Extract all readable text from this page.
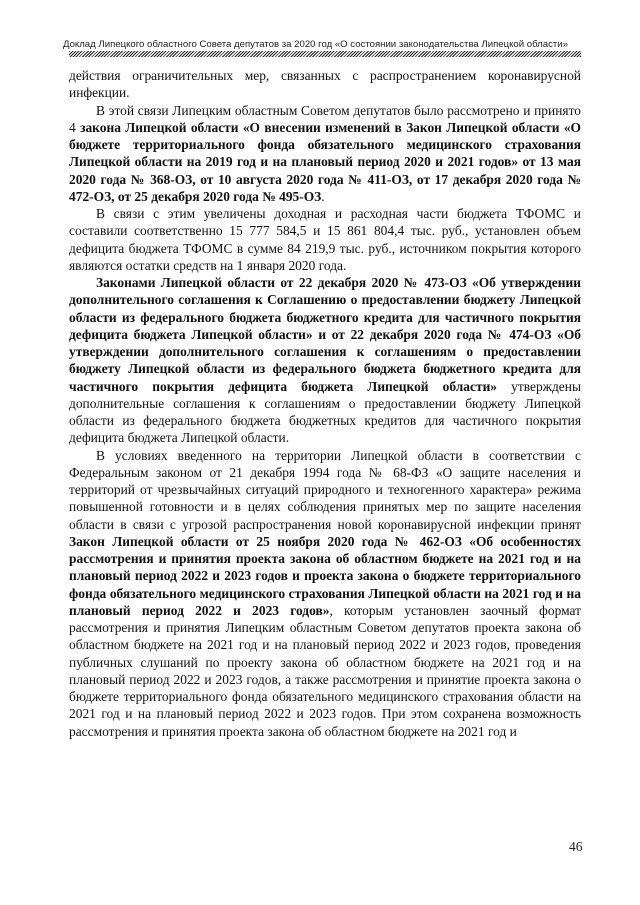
Доклад Липецкого областного Совета депутатов за 2020 год «О состоянии законодательства Липецкой области»

действия ограничительных мер, связанных с распространением коронавирусной инфекции.

В этой связи Липецким областным Советом депутатов было рассмотрено и принято 4 закона Липецкой области «О внесении изменений в Закон Липецкой области «О бюджете территориального фонда обязательного медицинского страхования Липецкой области на 2019 год и на плановый период 2020 и 2021 годов» от 13 мая 2020 года № 368-ОЗ, от 10 августа 2020 года № 411-ОЗ, от 17 декабря 2020 года № 472-ОЗ, от 25 декабря 2020 года № 495-ОЗ.

В связи с этим увеличены доходная и расходная части бюджета ТФОМС и составили соответственно 15 777 584,5 и 15 861 804,4 тыс. руб., установлен объем дефицита бюджета ТФОМС в сумме 84 219,9 тыс. руб., источником покрытия которого являются остатки средств на 1 января 2020 года.

Законами Липецкой области от 22 декабря 2020 № 473-ОЗ «Об утверждении дополнительного соглашения к Соглашению о предоставлении бюджету Липецкой области из федерального бюджета бюджетного кредита для частичного покрытия дефицита бюджета Липецкой области» и от 22 декабря 2020 года № 474-ОЗ «Об утверждении дополнительного соглашения к соглашениям о предоставлении бюджету Липецкой области из федерального бюджета бюджетного кредита для частичного покрытия дефицита бюджета Липецкой области» утверждены дополнительные соглашения к соглашениям о предоставлении бюджету Липецкой области из федерального бюджета бюджетных кредитов для частичного покрытия дефицита бюджета Липецкой области.

В условиях введенного на территории Липецкой области в соответствии с Федеральным законом от 21 декабря 1994 года № 68-ФЗ «О защите населения и территорий от чрезвычайных ситуаций природного и техногенного характера» режима повышенной готовности и в целях соблюдения принятых мер по защите населения области в связи с угрозой распространения новой коронавирусной инфекции принят Закон Липецкой области от 25 ноября 2020 года № 462-ОЗ «Об особенностях рассмотрения и принятия проекта закона об областном бюджете на 2021 год и на плановый период 2022 и 2023 годов и проекта закона о бюджете территориального фонда обязательного медицинского страхования Липецкой области на 2021 год и на плановый период 2022 и 2023 годов», которым установлен заочный формат рассмотрения и принятия Липецким областным Советом депутатов проекта закона об областном бюджете на 2021 год и на плановый период 2022 и 2023 годов, проведения публичных слушаний по проекту закона об областном бюджете на 2021 год и на плановый период 2022 и 2023 годов, а также рассмотрения и принятие проекта закона о бюджете территориального фонда обязательного медицинского страхования области на 2021 год и на плановый период 2022 и 2023 годов. При этом сохранена возможность рассмотрения и принятия проекта закона об областном бюджете на 2021 год и

46
